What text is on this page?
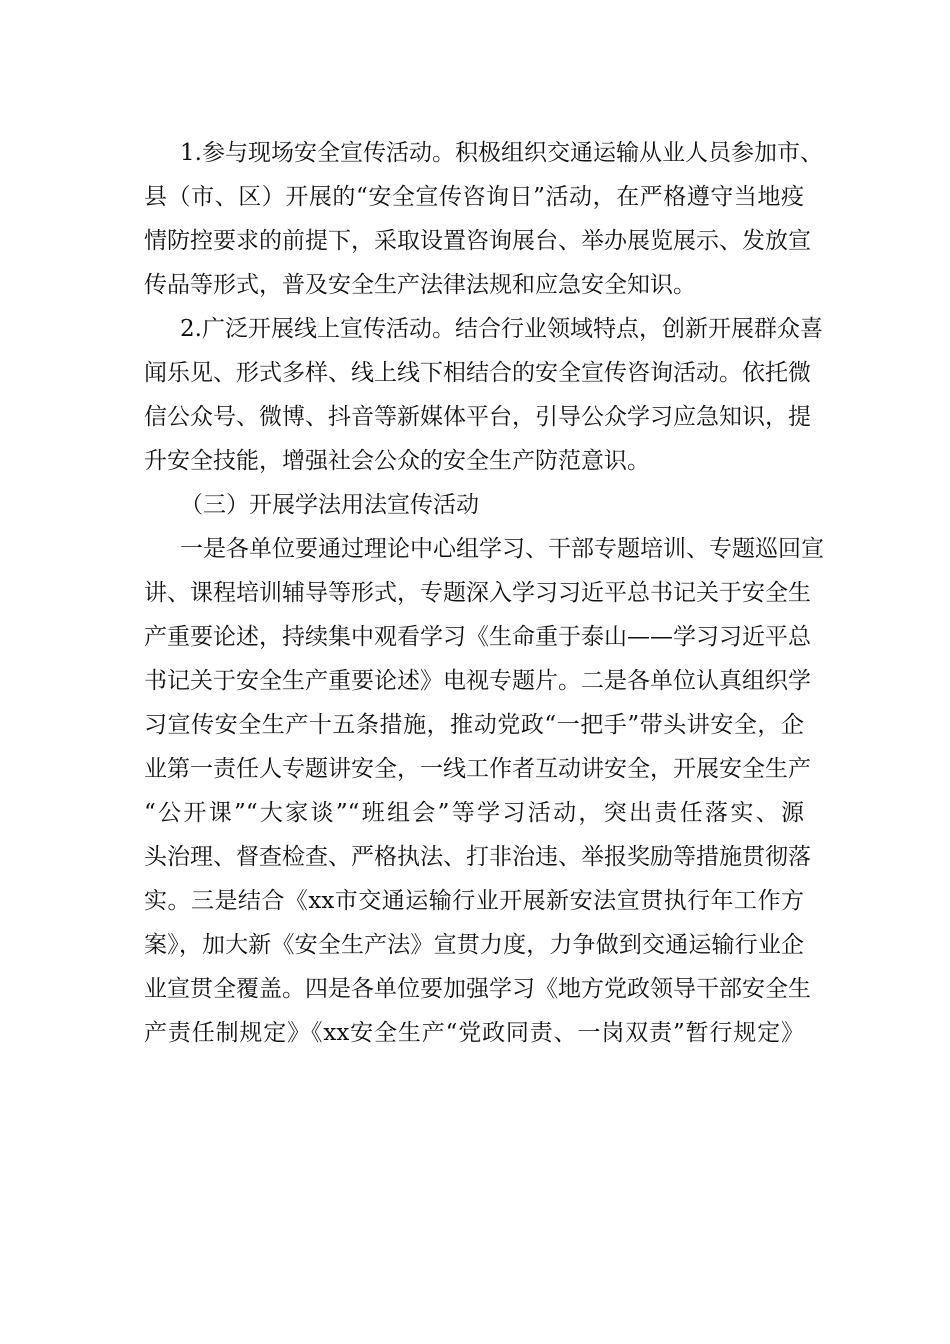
1.参与现场安全宣传活动。积极组织交通运输从业人员参加市、
县（市、区）开展的“安全宣传咨询日”活动，在严格遵守当地疫
情防控要求的前提下，采取设置咨询展台、举办展览展示、发放宣
传品等形式，普及安全生产法律法规和应急安全知识。
2.广泛开展线上宣传活动。结合行业领域特点，创新开展群众喜
闻乐见、形式多样、线上线下相结合的安全宣传咨询活动。依托微
信公众号、微博、抖音等新媒体平台，引导公众学习应急知识，提
升安全技能，增强社会公众的安全生产防范意识。
（三）开展学法用法宣传活动
一是各单位要通过理论中心组学习、干部专题培训、专题巡回宣
讲、课程培训辅导等形式，专题深入学习习近平总书记关于安全生
产重要论述，持续集中观看学习《生命重于泰山——学习习近平总
书记关于安全生产重要论述》电视专题片。二是各单位认真组织学
习宣传安全生产十五条措施，推动党政“一把手”带头讲安全，企
业第一责任人专题讲安全，一线工作者互动讲安全，开展安全生产
“公开课”“大家谈”“班组会”等学习活动，突出责任落实、源
头治理、督查检查、严格执法、打非治违、举报奖励等措施贯彻落
实。三是结合《xx市交通运输行业开展新安法宣贯执行年工作方
案》，加大新《安全生产法》宣贯力度，力争做到交通运输行业企
业宣贯全覆盖。四是各单位要加强学习《地方党政领导干部安全生
产责任制规定》《xx安全生产“党政同责、一岗双责”暂行规定》
